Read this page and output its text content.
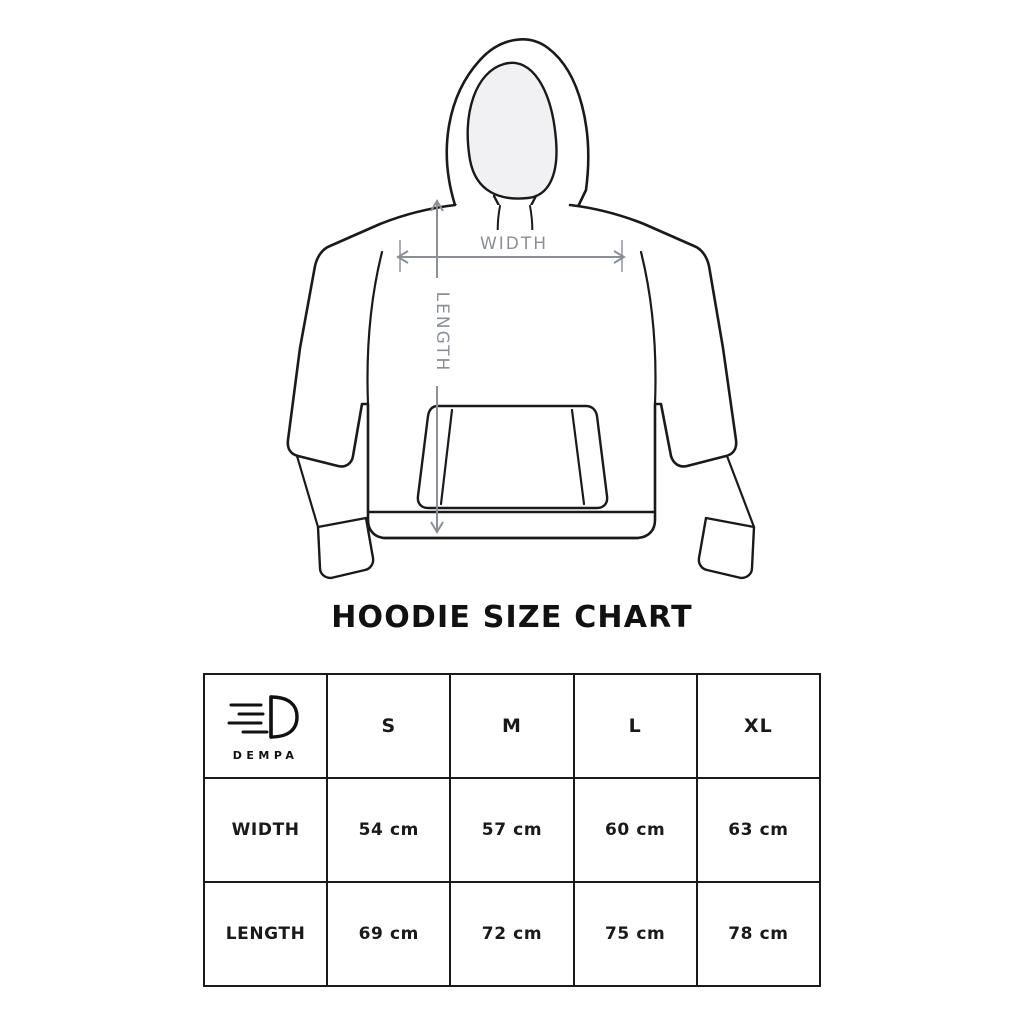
WIDTH
LENGTH
HOODIE SIZE CHART
DEMPA	S	M	L	XL
WIDTH	54 cm	57 cm	60 cm	63 cm
LENGTH	69 cm	72 cm	75 cm	78 cm
